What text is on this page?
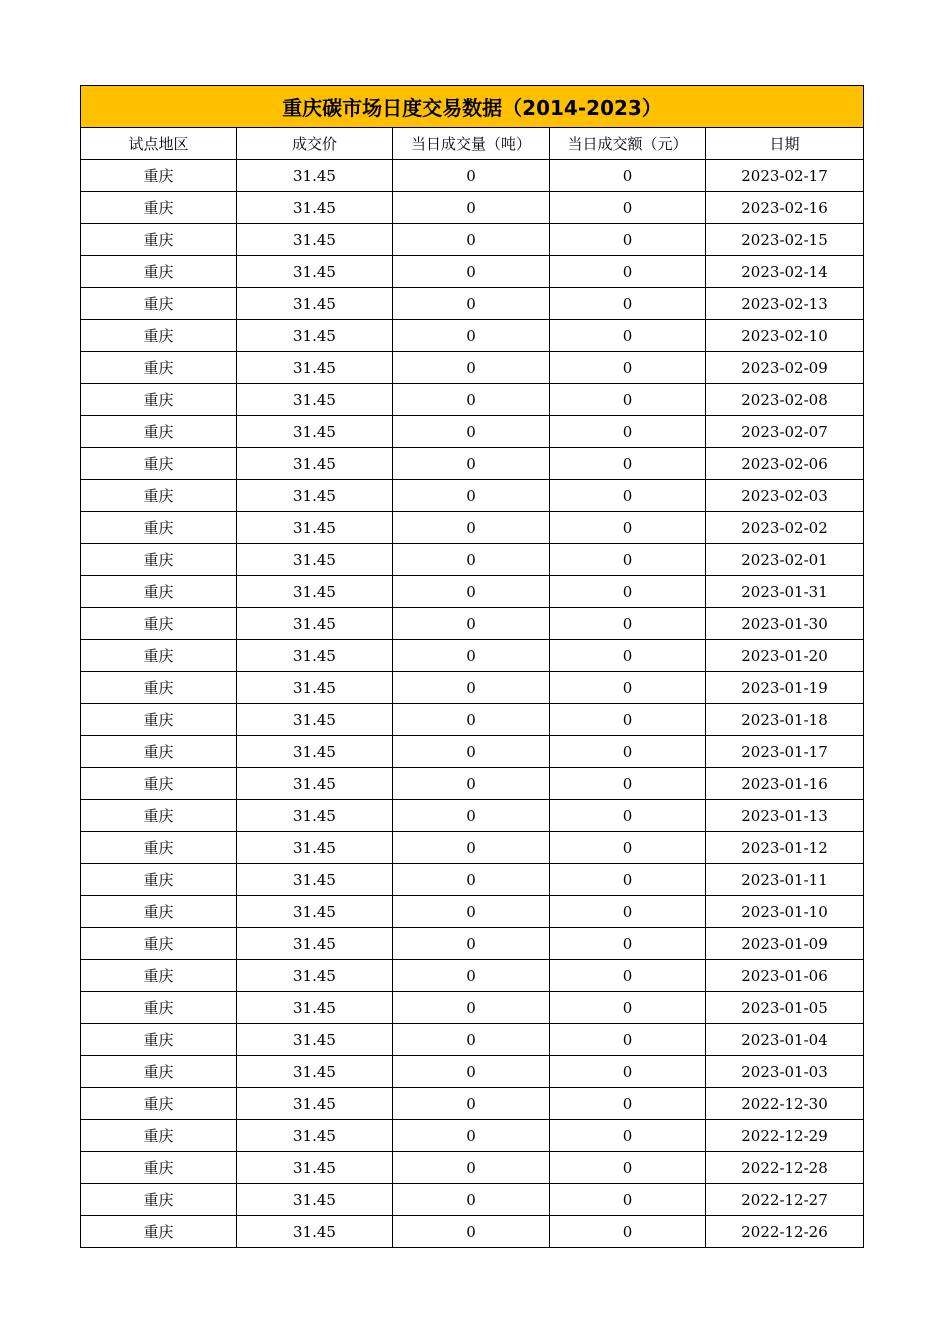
重庆碳市场日度交易数据（2014-2023）				
试点地区	成交价	当日成交量（吨）	当日成交额（元）	日期
重庆	31.45	0	0	2023-02-17
重庆	31.45	0	0	2023-02-16
重庆	31.45	0	0	2023-02-15
重庆	31.45	0	0	2023-02-14
重庆	31.45	0	0	2023-02-13
重庆	31.45	0	0	2023-02-10
重庆	31.45	0	0	2023-02-09
重庆	31.45	0	0	2023-02-08
重庆	31.45	0	0	2023-02-07
重庆	31.45	0	0	2023-02-06
重庆	31.45	0	0	2023-02-03
重庆	31.45	0	0	2023-02-02
重庆	31.45	0	0	2023-02-01
重庆	31.45	0	0	2023-01-31
重庆	31.45	0	0	2023-01-30
重庆	31.45	0	0	2023-01-20
重庆	31.45	0	0	2023-01-19
重庆	31.45	0	0	2023-01-18
重庆	31.45	0	0	2023-01-17
重庆	31.45	0	0	2023-01-16
重庆	31.45	0	0	2023-01-13
重庆	31.45	0	0	2023-01-12
重庆	31.45	0	0	2023-01-11
重庆	31.45	0	0	2023-01-10
重庆	31.45	0	0	2023-01-09
重庆	31.45	0	0	2023-01-06
重庆	31.45	0	0	2023-01-05
重庆	31.45	0	0	2023-01-04
重庆	31.45	0	0	2023-01-03
重庆	31.45	0	0	2022-12-30
重庆	31.45	0	0	2022-12-29
重庆	31.45	0	0	2022-12-28
重庆	31.45	0	0	2022-12-27
重庆	31.45	0	0	2022-12-26
